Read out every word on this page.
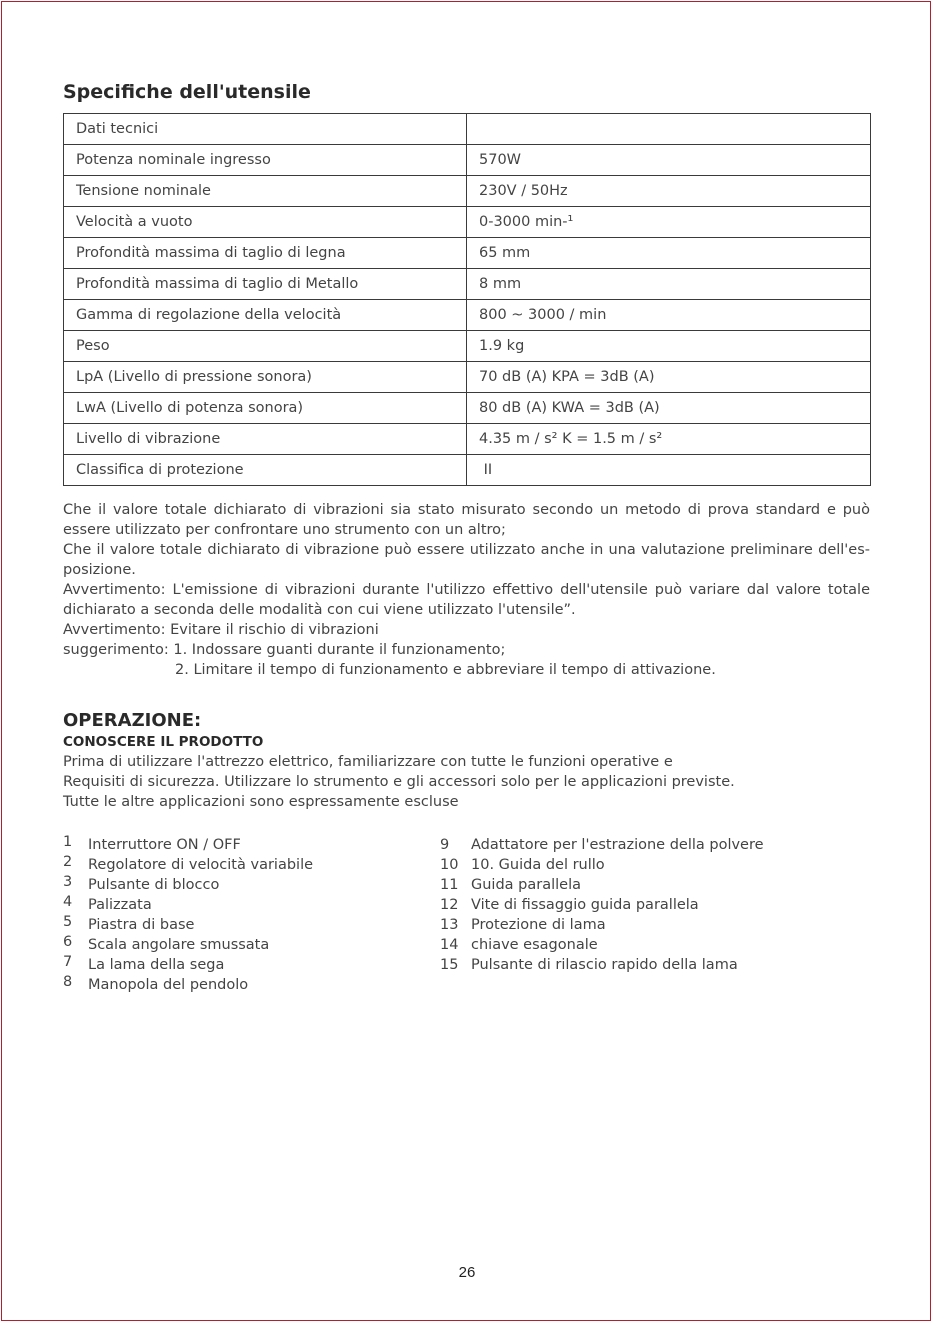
Specifiche dell'utensile
Dati tecnici	
Potenza nominale ingresso	570W
Tensione nominale	230V / 50Hz
Velocità a vuoto	0-3000 min-¹
Profondità massima di taglio di legna	65 mm
Profondità massima di taglio di Metallo	8 mm
Gamma di regolazione della velocità	800 ~ 3000 / min
Peso	1.9 kg
LpA (Livello di pressione sonora)	70 dB (A) KPA = 3dB (A)
LwA (Livello di potenza sonora)	80 dB (A) KWA = 3dB (A)
Livello di vibrazione	4.35 m / s² K = 1.5 m / s²
Classifica di protezione	II

Che il valore totale dichiarato di vibrazioni sia stato misurato secondo un metodo di prova standard e può essere utilizzato per confrontare uno strumento con un altro;

Che il valore totale dichiarato di vibrazione può essere utilizzato anche in una valutazione preliminare dell'es-posizione.

Avvertimento: L'emissione di vibrazioni durante l'utilizzo effettivo dell'utensile può variare dal valore totale dichiarato a seconda delle modalità con cui viene utilizzato l'utensile”.

Avvertimento: Evitare il rischio di vibrazioni

suggerimento: 1. Indossare guanti durante il funzionamento;

2. Limitare il tempo di funzionamento e abbreviare il tempo di attivazione.

OPERAZIONE:
CONOSCERE IL PRODOTTO

Prima di utilizzare l'attrezzo elettrico, familiarizzare con tutte le funzioni operative e

Requisiti di sicurezza. Utilizzare lo strumento e gli accessori solo per le applicazioni previste.

Tutte le altre applicazioni sono espressamente escluse

1	Interruttore ON / OFF
2	Regolatore di velocità variabile
3	Pulsante di blocco
4	Palizzata
5	Piastra di base
6	Scala angolare smussata
7	La lama della sega
8	Manopola del pendolo
9	Adattatore per l'estrazione della polvere
10 10. Guida del rullo
11 Guida parallela
12 Vite di fissaggio guida parallela
13 Protezione di lama
14 chiave esagonale
15 Pulsante di rilascio rapido della lama
26
